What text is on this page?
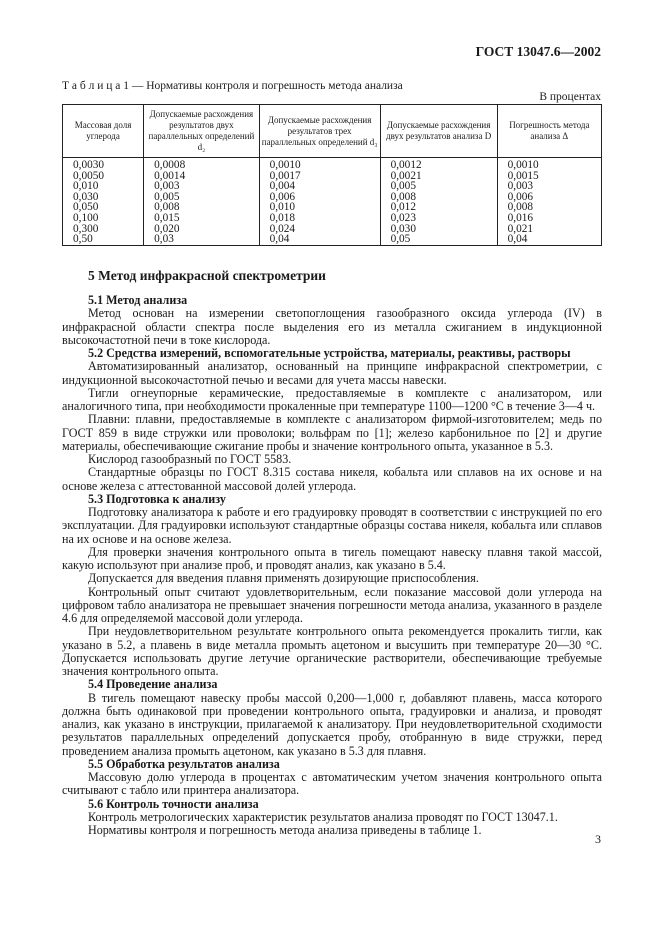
ГОСТ 13047.6—2002
Т а б л и ц а 1 — Нормативы контроля и погрешность метода анализа
В процентах
Массовая доля углерода	Допускаемые расхождения результатов двух параллельных определений d₂	Допускаемые расхождения результатов трех параллельных определений d₃	Допускаемые расхождения двух результатов анализа D	Погрешность метода анализа Δ
0,0030	0,0008	0,0010	0,0012	0,0010
0,0050	0,0014	0,0017	0,0021	0,0015
0,010	0,003	0,004	0,005	0,003
0,030	0,005	0,006	0,008	0,006
0,050	0,008	0,010	0,012	0,008
0,100	0,015	0,018	0,023	0,016
0,300	0,020	0,024	0,030	0,021
0,50	0,03	0,04	0,05	0,04
5 Метод инфракрасной спектрометрии
5.1 Метод анализа

Метод основан на измерении светопоглощения газообразного оксида углерода (IV) в инфракрасной области спектра после выделения его из металла сжиганием в индукционной высокочастотной печи в токе кислорода.

5.2 Средства измерений, вспомогательные устройства, материалы, реактивы, растворы

Автоматизированный анализатор, основанный на принципе инфракрасной спектрометрии, с индукционной высокочастотной печью и весами для учета массы навески.

Тигли огнеупорные керамические, предоставляемые в комплекте с анализатором, или аналогичного типа, при необходимости прокаленные при температуре 1100—1200 °С в течение 3—4 ч.

Плавни: плавни, предоставляемые в комплекте с анализатором фирмой-изготовителем; медь по ГОСТ 859 в виде стружки или проволоки; вольфрам по [1]; железо карбонильное по [2] и другие материалы, обеспечивающие сжигание пробы и значение контрольного опыта, указанное в 5.3.

Кислород газообразный по ГОСТ 5583.

Стандартные образцы по ГОСТ 8.315 состава никеля, кобальта или сплавов на их основе и на основе железа с аттестованной массовой долей углерода.

5.3 Подготовка к анализу

Подготовку анализатора к работе и его градуировку проводят в соответствии с инструкцией по его эксплуатации. Для градуировки используют стандартные образцы состава никеля, кобальта или сплавов на их основе и на основе железа.

Для проверки значения контрольного опыта в тигель помещают навеску плавня такой массой, какую используют при анализе проб, и проводят анализ, как указано в 5.4.

Допускается для введения плавня применять дозирующие приспособления.

Контрольный опыт считают удовлетворительным, если показание массовой доли углерода на цифровом табло анализатора не превышает значения погрешности метода анализа, указанного в разделе 4.6 для определяемой массовой доли углерода.

При неудовлетворительном результате контрольного опыта рекомендуется прокалить тигли, как указано в 5.2, а плавень в виде металла промыть ацетоном и высушить при температуре 20—30 °С. Допускается использовать другие летучие органические растворители, обеспечивающие требуемые значения контрольного опыта.

5.4 Проведение анализа

В тигель помещают навеску пробы массой 0,200—1,000 г, добавляют плавень, масса которого должна быть одинаковой при проведении контрольного опыта, градуировки и анализа, и проводят анализ, как указано в инструкции, прилагаемой к анализатору. При неудовлетворительной сходимости результатов параллельных определений допускается пробу, отобранную в виде стружки, перед проведением анализа промыть ацетоном, как указано в 5.3 для плавня.

5.5 Обработка результатов анализа

Массовую долю углерода в процентах с автоматическим учетом значения контрольного опыта считывают с табло или принтера анализатора.

5.6 Контроль точности анализа

Контроль метрологических характеристик результатов анализа проводят по ГОСТ 13047.1.

Нормативы контроля и погрешность метода анализа приведены в таблице 1.

3
